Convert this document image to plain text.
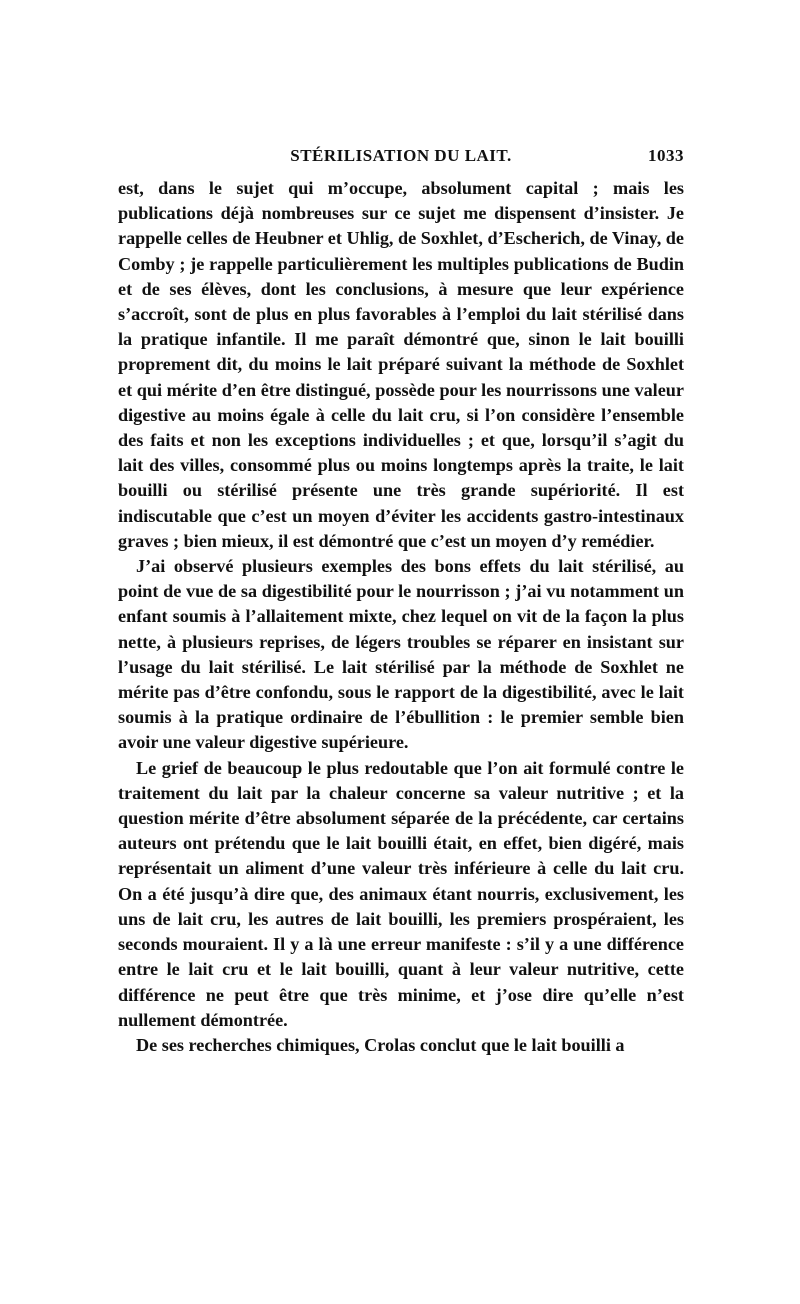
STÉRILISATION DU LAIT.	1033

est, dans le sujet qui m’occupe, absolument capital ; mais les publications déjà nombreuses sur ce sujet me dispensent d’insister. Je rappelle celles de Heubner et Uhlig, de Soxhlet, d’Escherich, de Vinay, de Comby ; je rappelle particulièrement les multiples publications de Budin et de ses élèves, dont les conclusions, à mesure que leur expérience s’accroît, sont de plus en plus favorables à l’emploi du lait stérilisé dans la pratique infantile. Il me paraît démontré que, sinon le lait bouilli proprement dit, du moins le lait préparé suivant la méthode de Soxhlet et qui mérite d’en être distingué, possède pour les nourrissons une valeur digestive au moins égale à celle du lait cru, si l’on considère l’ensemble des faits et non les exceptions individuelles ; et que, lorsqu’il s’agit du lait des villes, consommé plus ou moins longtemps après la traite, le lait bouilli ou stérilisé présente une très grande supériorité. Il est indiscutable que c’est un moyen d’éviter les accidents gastro-intestinaux graves ; bien mieux, il est démontré que c’est un moyen d’y remédier.

J’ai observé plusieurs exemples des bons effets du lait stérilisé, au point de vue de sa digestibilité pour le nourrisson ; j’ai vu notamment un enfant soumis à l’allaitement mixte, chez lequel on vit de la façon la plus nette, à plusieurs reprises, de légers troubles se réparer en insistant sur l’usage du lait stérilisé. Le lait stérilisé par la méthode de Soxhlet ne mérite pas d’être confondu, sous le rapport de la digestibilité, avec le lait soumis à la pratique ordinaire de l’ébullition : le premier semble bien avoir une valeur digestive supérieure.

Le grief de beaucoup le plus redoutable que l’on ait formulé contre le traitement du lait par la chaleur concerne sa valeur nutritive ; et la question mérite d’être absolument séparée de la précédente, car certains auteurs ont prétendu que le lait bouilli était, en effet, bien digéré, mais représentait un aliment d’une valeur très inférieure à celle du lait cru. On a été jusqu’à dire que, des animaux étant nourris, exclusivement, les uns de lait cru, les autres de lait bouilli, les premiers prospéraient, les seconds mouraient. Il y a là une erreur manifeste : s’il y a une différence entre le lait cru et le lait bouilli, quant à leur valeur nutritive, cette différence ne peut être que très minime, et j’ose dire qu’elle n’est nullement démontrée.

De ses recherches chimiques, Crolas conclut que le lait bouilli a
